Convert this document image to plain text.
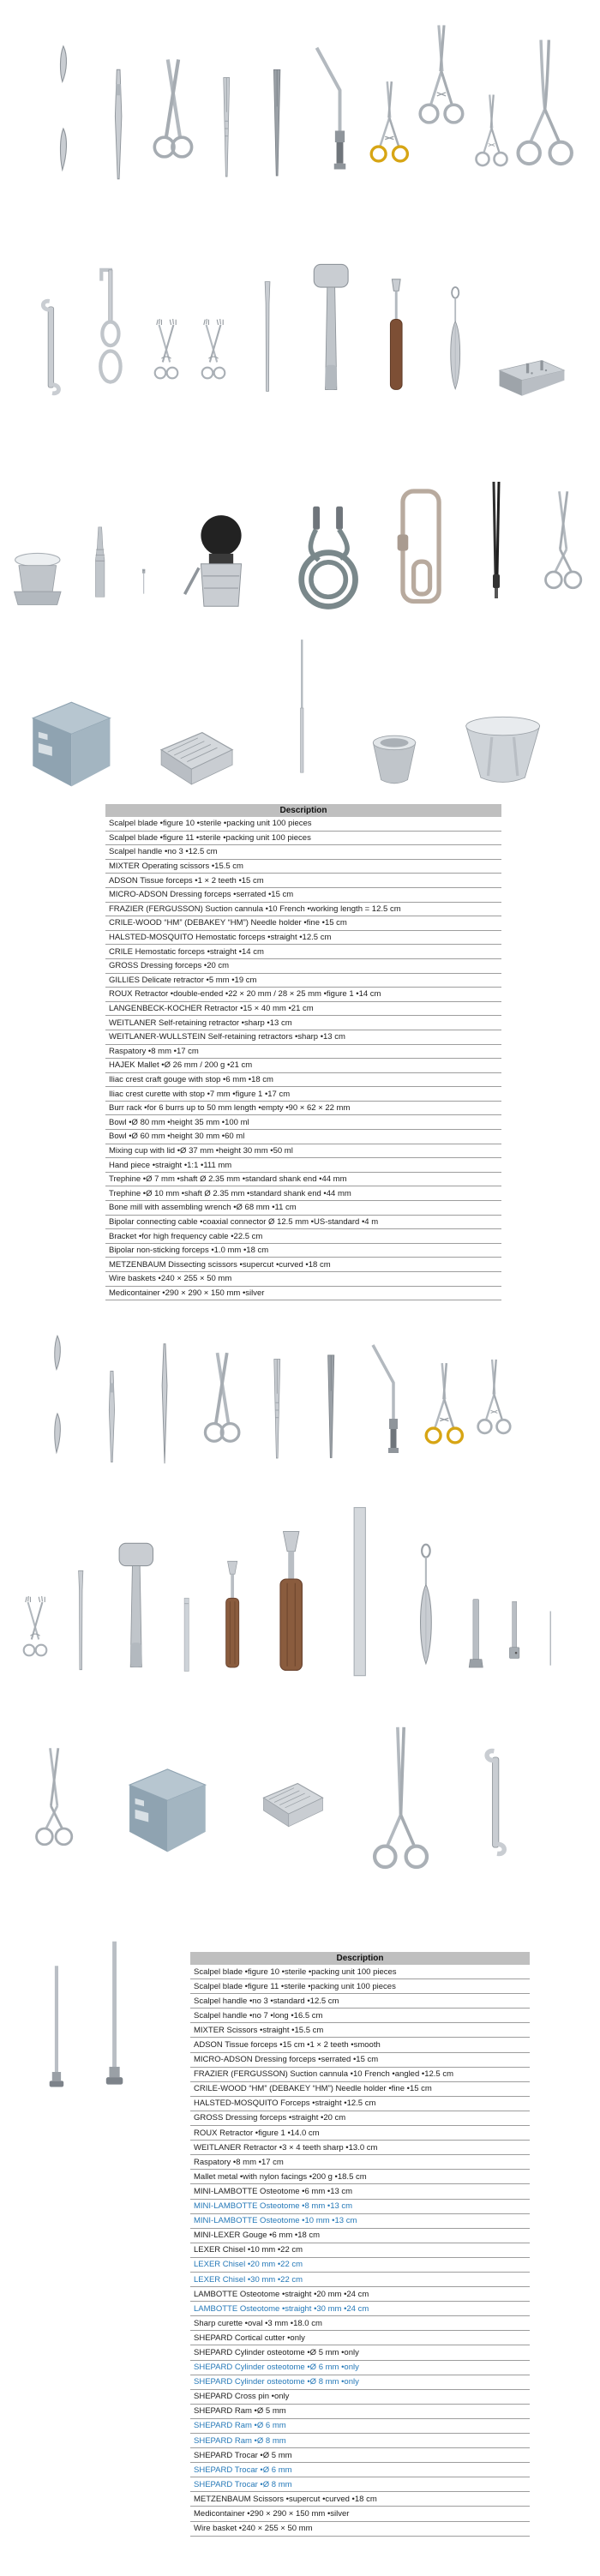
Description
Scalpel blade •figure 10 •sterile •packing unit 100 pieces
Scalpel blade •figure 11 •sterile •packing unit 100 pieces
Scalpel handle •no 3 •12.5 cm
MIXTER Operating scissors •15.5 cm
ADSON Tissue forceps •1 × 2 teeth •15 cm
MICRO-ADSON Dressing forceps •serrated •15 cm
FRAZIER (FERGUSSON) Suction cannula •10 French •working length = 12.5 cm
CRILE-WOOD “HM” (DEBAKEY “HM”) Needle holder •fine •15 cm
HALSTED-MOSQUITO Hemostatic forceps •straight •12.5 cm
CRILE Hemostatic forceps •straight •14 cm
GROSS Dressing forceps •20 cm
GILLIES Delicate retractor •5 mm •19 cm
ROUX Retractor •double-ended •22 × 20 mm / 28 × 25 mm •figure 1 •14 cm
LANGENBECK-KOCHER Retractor •15 × 40 mm •21 cm
WEITLANER Self-retaining retractor •sharp •13 cm
WEITLANER-WULLSTEIN Self-retaining retractors •sharp •13 cm
Raspatory •8 mm •17 cm
HAJEK Mallet •Ø 26 mm / 200 g •21 cm
Iliac crest craft gouge with stop •6 mm •18 cm
Iliac crest curette with stop •7 mm •figure 1 •17 cm
Burr rack •for 6 burrs up to 50 mm length •empty •90 × 62 × 22 mm
Bowl •Ø 80 mm •height 35 mm •100 ml
Bowl •Ø 60 mm •height 30 mm •60 ml
Mixing cup with lid •Ø 37 mm •height 30 mm •50 ml
Hand piece •straight •1:1 •111 mm
Trephine •Ø 7 mm •shaft Ø 2.35 mm •standard shank end •44 mm
Trephine •Ø 10 mm •shaft Ø 2.35 mm •standard shank end •44 mm
Bone mill with assembling wrench •Ø 68 mm •11 cm
Bipolar connecting cable •coaxial connector Ø 12.5 mm •US-standard •4 m
Bracket •for high frequency cable •22.5 cm
Bipolar non-sticking forceps •1.0 mm •18 cm
METZENBAUM Dissecting scissors •supercut •curved •18 cm
Wire baskets •240 × 255 × 50 mm
Medicontainer •290 × 290 × 150 mm •silver
Description
Scalpel blade •figure 10 •sterile •packing unit 100 pieces
Scalpel blade •figure 11 •sterile •packing unit 100 pieces
Scalpel handle •no 3 •standard •12.5 cm
Scalpel handle •no 7 •long •16.5 cm
MIXTER Scissors •straight •15.5 cm
ADSON Tissue forceps •15 cm •1 × 2 teeth •smooth
MICRO-ADSON Dressing forceps •serrated •15 cm
FRAZIER (FERGUSSON) Suction cannula •10 French •angled •12.5 cm
CRILE-WOOD “HM” (DEBAKEY “HM”) Needle holder •fine •15 cm
HALSTED-MOSQUITO Forceps •straight •12.5 cm
GROSS Dressing forceps •straight •20 cm
ROUX Retractor •figure 1 •14.0 cm
WEITLANER Retractor •3 × 4 teeth sharp •13.0 cm
Raspatory •8 mm •17 cm
Mallet metal •with nylon facings •200 g •18.5 cm
MINI-LAMBOTTE Osteotome •6 mm •13 cm
MINI-LAMBOTTE Osteotome •8 mm •13 cm
MINI-LAMBOTTE Osteotome •10 mm •13 cm
MINI-LEXER Gouge •6 mm •18 cm
LEXER Chisel •10 mm •22 cm
LEXER Chisel •20 mm •22 cm
LEXER Chisel •30 mm •22 cm
LAMBOTTE Osteotome •straight •20 mm •24 cm
LAMBOTTE Osteotome •straight •30 mm •24 cm
Sharp curette •oval •3 mm •18.0 cm
SHEPARD Cortical cutter •only
SHEPARD Cylinder osteotome •Ø 5 mm •only
SHEPARD Cylinder osteotome •Ø 6 mm •only
SHEPARD Cylinder osteotome •Ø 8 mm •only
SHEPARD Cross pin •only
SHEPARD Ram •Ø 5 mm
SHEPARD Ram •Ø 6 mm
SHEPARD Ram •Ø 8 mm
SHEPARD Trocar •Ø 5 mm
SHEPARD Trocar •Ø 6 mm
SHEPARD Trocar •Ø 8 mm
METZENBAUM Scissors •supercut •curved •18 cm
Medicontainer •290 × 290 × 150 mm •silver
Wire basket •240 × 255 × 50 mm
